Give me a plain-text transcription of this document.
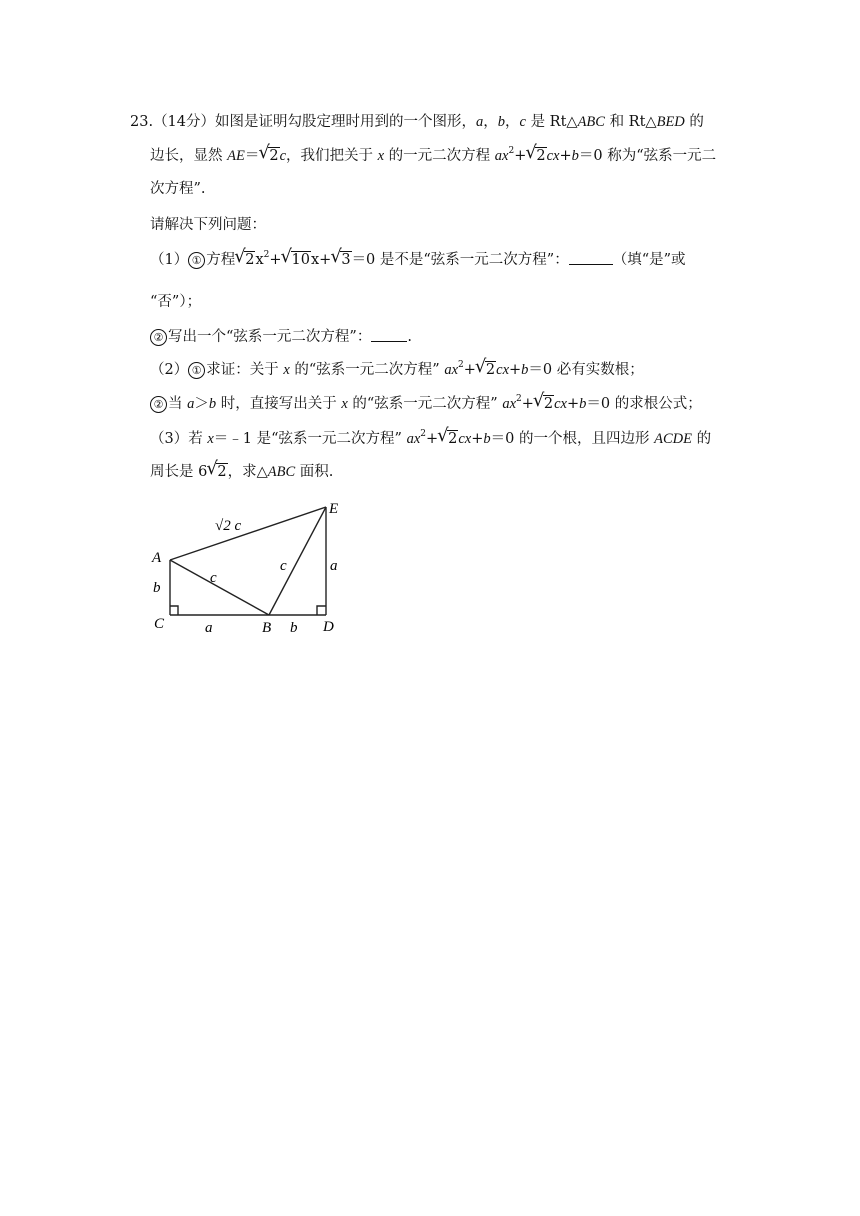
23.（14分）如图是证明勾股定理时用到的一个图形，a，b，c 是 Rt△ABC 和 Rt△BED 的
边长，显然 AE＝√ 2c，我们把关于 x 的一元二次方程 $ax^2+√$ 2cx+b＝0 称为“弦系一元二
次方程”.
请解决下列问题：
（1） ① 方程√ $2x^2+√$ 10x+√ 3＝0 是不是“弦系一元二次方程”：	（填“是”或
“否”）；
② 写出一个“弦系一元二次方程”： .
（2） ① 求证：关于 x 的“弦系一元二次方程” $ax^2+√$ 2cx+b＝0 必有实数根；
② 当 a＞b 时，直接写出关于 x 的“弦系一元二次方程” $ax^2+√$ 2cx+b＝0 的求根公式；
（3）若 x＝﹣1 是“弦系一元二次方程” $ax^2+√$ 2cx+b＝0 的一个根，且四边形 ACDE 的
周长是 6√ 2，求△ABC 面积.
A
C	B	D
E
a	b
b
a
c
c
√2 c
